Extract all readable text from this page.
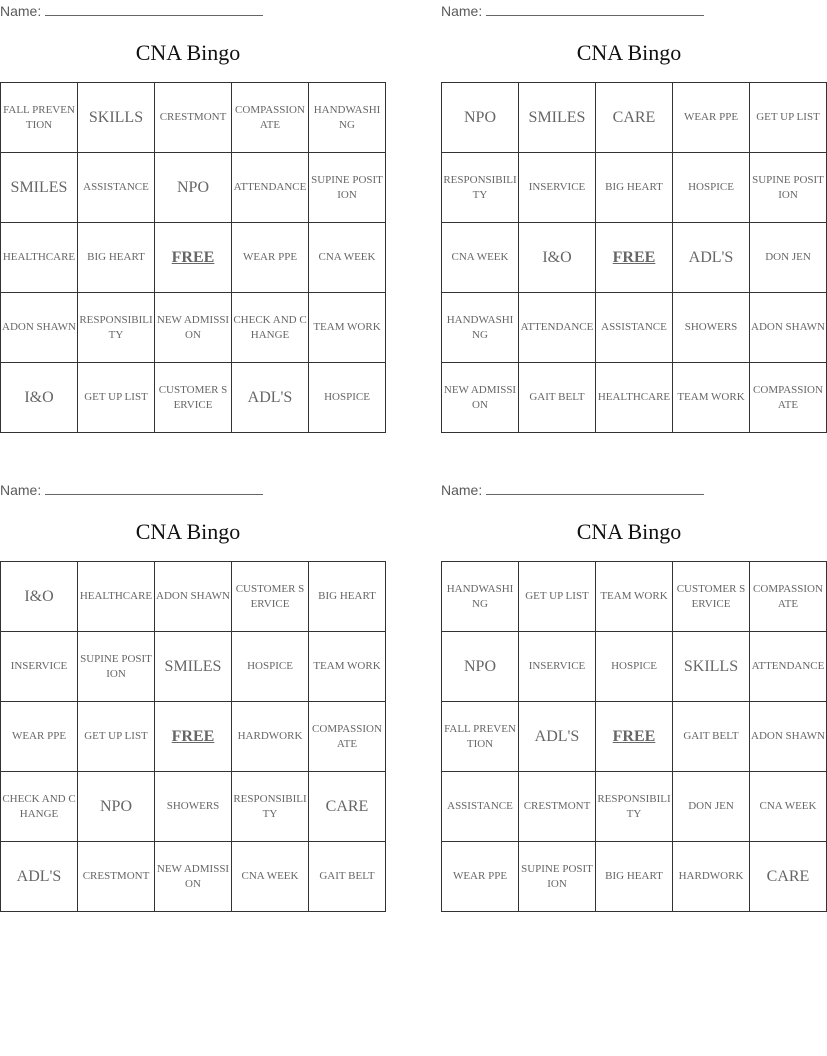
Name:
CNA Bingo
FALL PREVENTION	SKILLS	CRESTMONT	COMPASSIONATE	HANDWASHING
SMILES	ASSISTANCE	NPO	ATTENDANCE	SUPINE POSITION
HEALTHCARE	BIG HEART	FREE	WEAR PPE	CNA WEEK
ADON SHAWN	RESPONSIBILITY	NEW ADMISSION	CHECK AND CHANGE	TEAM WORK
I&O	GET UP LIST	CUSTOMER SERVICE	ADL'S	HOSPICE
Name:
CNA Bingo
NPO	SMILES	CARE	WEAR PPE	GET UP LIST
RESPONSIBILITY	INSERVICE	BIG HEART	HOSPICE	SUPINE POSITION
CNA WEEK	I&O	FREE	ADL'S	DON JEN
HANDWASHING	ATTENDANCE	ASSISTANCE	SHOWERS	ADON SHAWN
NEW ADMISSION	GAIT BELT	HEALTHCARE	TEAM WORK	COMPASSIONATE
Name:
CNA Bingo
I&O	HEALTHCARE	ADON SHAWN	CUSTOMER SERVICE	BIG HEART
INSERVICE	SUPINE POSITION	SMILES	HOSPICE	TEAM WORK
WEAR PPE	GET UP LIST	FREE	HARDWORK	COMPASSIONATE
CHECK AND CHANGE	NPO	SHOWERS	RESPONSIBILITY	CARE
ADL'S	CRESTMONT	NEW ADMISSION	CNA WEEK	GAIT BELT
Name:
CNA Bingo
HANDWASHING	GET UP LIST	TEAM WORK	CUSTOMER SERVICE	COMPASSIONATE
NPO	INSERVICE	HOSPICE	SKILLS	ATTENDANCE
FALL PREVENTION	ADL'S	FREE	GAIT BELT	ADON SHAWN
ASSISTANCE	CRESTMONT	RESPONSIBILITY	DON JEN	CNA WEEK
WEAR PPE	SUPINE POSITION	BIG HEART	HARDWORK	CARE
